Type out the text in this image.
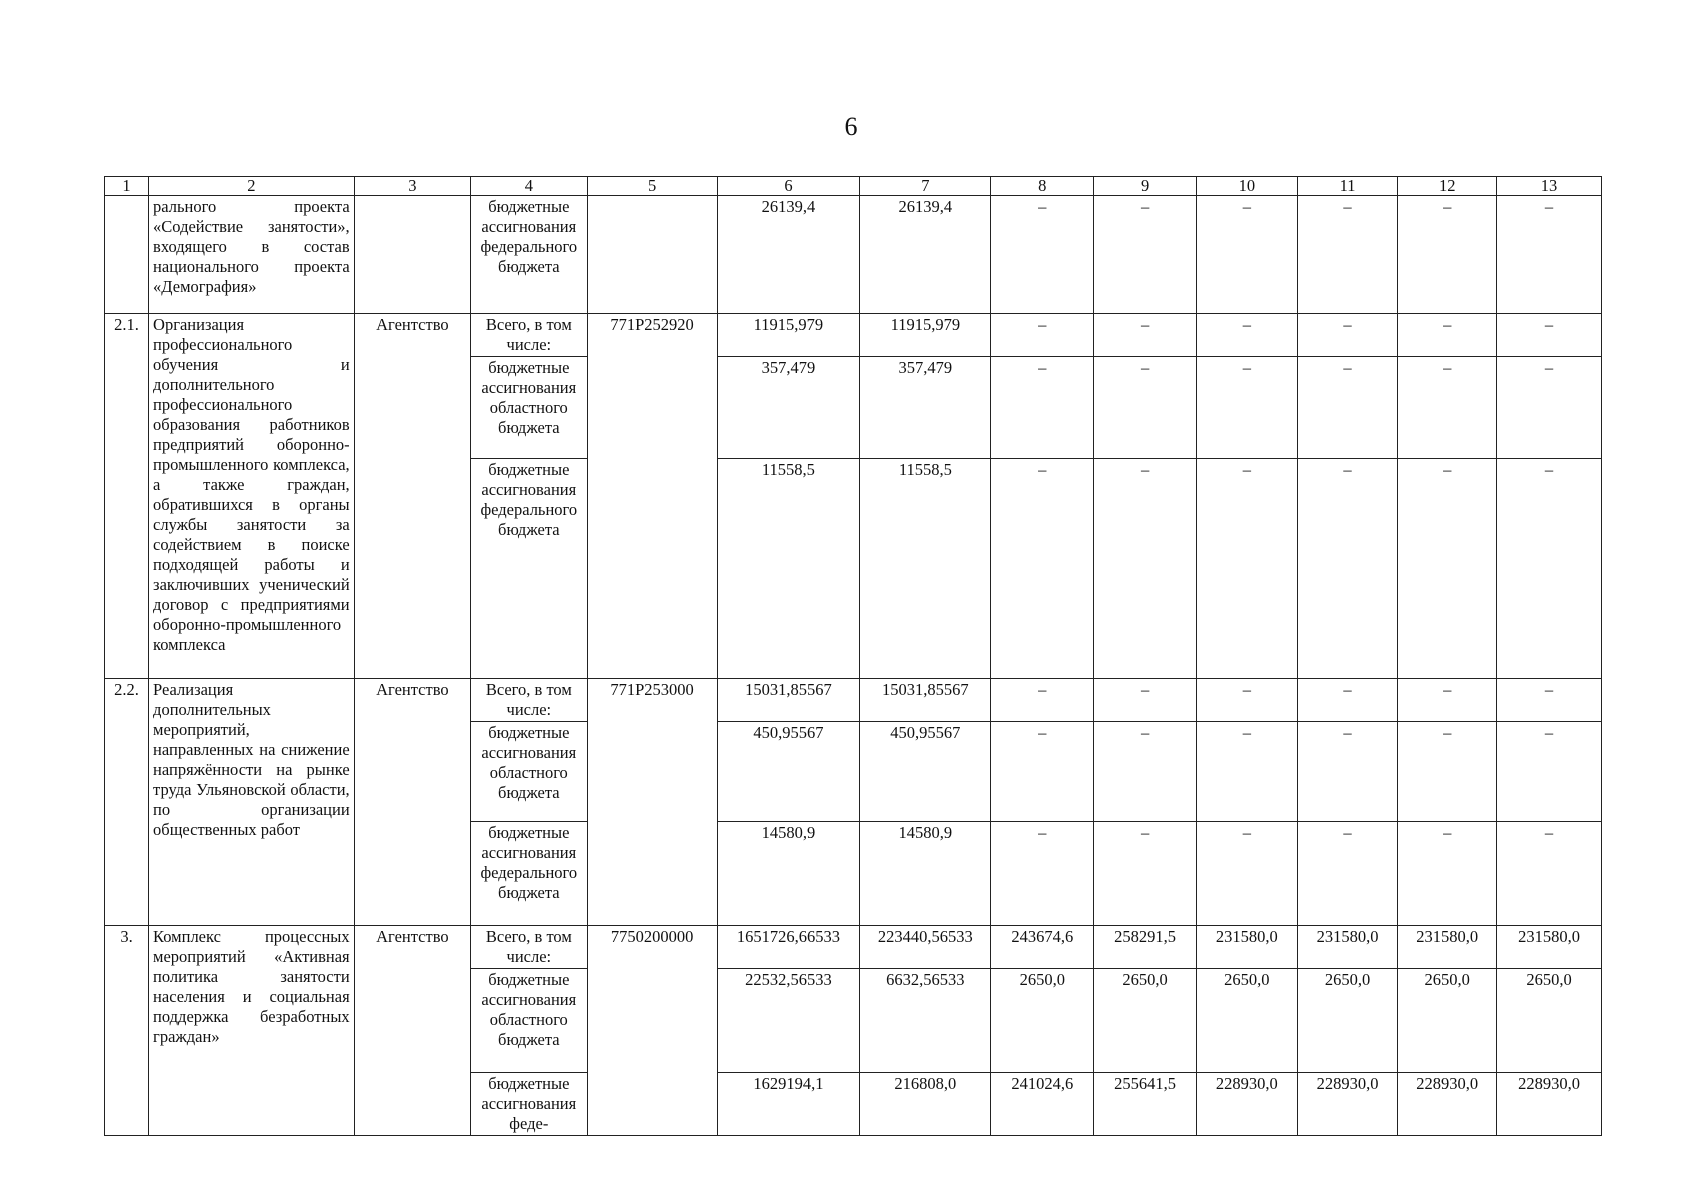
6
1	2	3	4	5	6	7	8	9	10	11	12	13
	рального проекта «Содействие занятости», входящего в состав национального проекта «Демография»		бюджетные ассигнования федерального бюджета		26139,4	26139,4	–	–	–	–	–	–
2.1.	Организация профессионального обучения и дополнительного профессионального образования работников предприятий оборонно-промышленного комплекса, а также граждан, обратившихся в органы службы занятости за содействием в поиске подходящей работы и заключивших ученический договор с предприятиями оборонно-промышленного комплекса	Агентство	Всего, в том числе:	771P252920	11915,979	11915,979	–	–	–	–	–	–
			бюджетные ассигнования областного бюджета		357,479	357,479	–	–	–	–	–	–
			бюджетные ассигнования федерального бюджета		11558,5	11558,5	–	–	–	–	–	–
2.2.	Реализация дополнительных мероприятий, направленных на снижение напряжённости на рынке труда Ульяновской области, по организации общественных работ	Агентство	Всего, в том числе:	771P253000	15031,85567	15031,85567	–	–	–	–	–	–
			бюджетные ассигнования областного бюджета		450,95567	450,95567	–	–	–	–	–	–
			бюджетные ассигнования федерального бюджета		14580,9	14580,9	–	–	–	–	–	–
3.	Комплекс процессных мероприятий «Активная политика занятости населения и социальная поддержка безработных граждан»	Агентство	Всего, в том числе:	7750200000	1651726,66533	223440,56533	243674,6	258291,5	231580,0	231580,0	231580,0	231580,0
			бюджетные ассигнования областного бюджета		22532,56533	6632,56533	2650,0	2650,0	2650,0	2650,0	2650,0	2650,0
			бюджетные ассигнования феде-		1629194,1	216808,0	241024,6	255641,5	228930,0	228930,0	228930,0	228930,0
